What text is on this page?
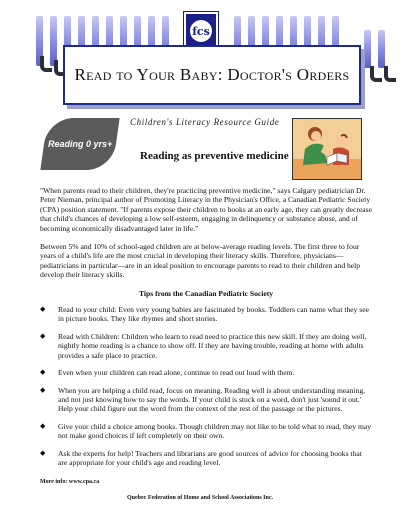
fcs
Read to Your Baby: Doctor's Orders
Reading 0 yrs+
Children's Literacy Resource Guide
Reading as preventive medicine

"When parents read to their children, they're practicing preventive medicine," says Calgary pediatrician Dr. Peter Nieman, principal author of Promoting Literacy in the Physician's Office, a Canadian Pediatric Society (CPA) position statement. "If parents expose their children to books at an early age, they can greatly decrease that child's chances of developing a low self-esteem, engaging in delinquency or substance abuse, and of becoming economically disadvantaged later in life."

Between 5% and 10% of school-aged children are at below-average reading levels. The first three to four years of a child's life are the most crucial in developing their literacy skills. Therefore, physicians—pediatricians in particular—are in an ideal position to encourage parents to read to their children and help develop their literacy skills.

Tips from the Canadian Pediatric Society
◆ Read to your child: Even very young babies are fascinated by books. Toddlers can name what they see in picture books. They like rhymes and short stories.
◆ Read with Children: Children who learn to read need to practice this new skill. If they are doing well, nightly home reading is a chance to show off. If they are having trouble, reading at home with adults provides a safe place to practice.
◆ Even when your children can read alone, continue to read out loud with them.
◆ When you are helping a child read, focus on meaning. Reading well is about understanding meaning, and not just knowing how to say the words. If your child is stuck on a word, don't just 'sound it out.' Help your child figure out the word from the context of the rest of the passage or the pictures.
◆ Give your child a choice among books. Though children may not like to be told what to read, they may not make good choices if left completely on their own.
◆ Ask the experts for help! Teachers and librarians are good sources of advice for choosing books that are appropriate for your child's age and reading level.
More info: www.cpa.ca
Quebec Federation of Home and School Associations Inc.
